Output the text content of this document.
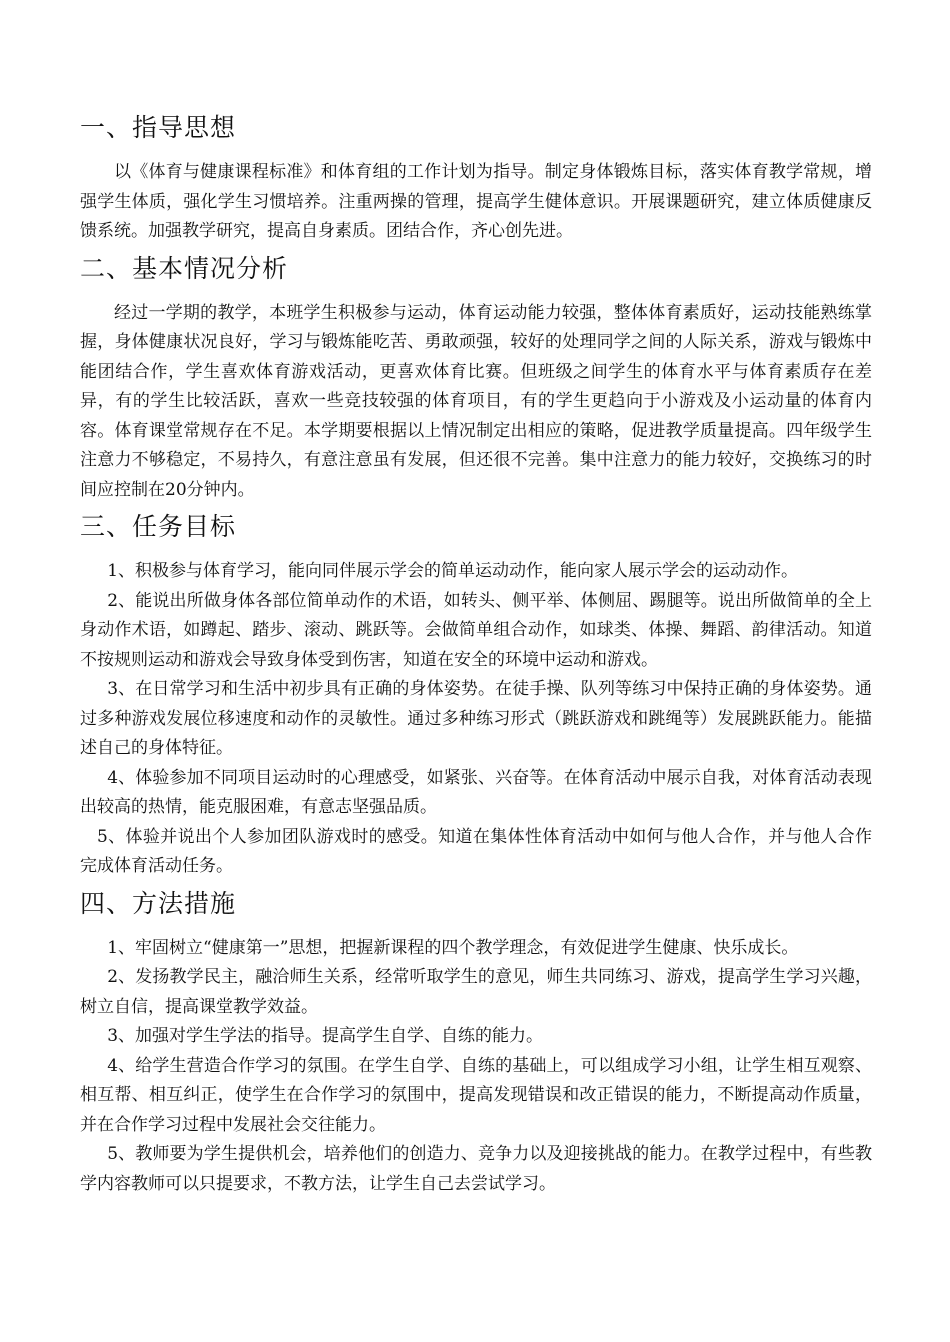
一、指导思想

以《体育与健康课程标准》和体育组的工作计划为指导。制定身体锻炼目标，落实体育教学常规，增强学生体质，强化学生习惯培养。注重两操的管理，提高学生健体意识。开展课题研究，建立体质健康反馈系统。加强教学研究，提高自身素质。团结合作，齐心创先进。

二、基本情况分析

经过一学期的教学，本班学生积极参与运动，体育运动能力较强，整体体育素质好，运动技能熟练掌握，身体健康状况良好，学习与锻炼能吃苦、勇敢顽强，较好的处理同学之间的人际关系，游戏与锻炼中能团结合作，学生喜欢体育游戏活动，更喜欢体育比赛。但班级之间学生的体育水平与体育素质存在差异，有的学生比较活跃，喜欢一些竞技较强的体育项目，有的学生更趋向于小游戏及小运动量的体育内容。体育课堂常规存在不足。本学期要根据以上情况制定出相应的策略，促进教学质量提高。四年级学生注意力不够稳定，不易持久，有意注意虽有发展，但还很不完善。集中注意力的能力较好，交换练习的时间应控制在20分钟内。

三、任务目标

1、积极参与体育学习，能向同伴展示学会的简单运动动作，能向家人展示学会的运动动作。

2、能说出所做身体各部位简单动作的术语，如转头、侧平举、体侧屈、踢腿等。说出所做简单的全上身动作术语，如蹲起、踏步、滚动、跳跃等。会做简单组合动作，如球类、体操、舞蹈、韵律活动。知道不按规则运动和游戏会导致身体受到伤害，知道在安全的环境中运动和游戏。

3、在日常学习和生活中初步具有正确的身体姿势。在徒手操、队列等练习中保持正确的身体姿势。通过多种游戏发展位移速度和动作的灵敏性。通过多种练习形式（跳跃游戏和跳绳等）发展跳跃能力。能描述自己的身体特征。

4、体验参加不同项目运动时的心理感受，如紧张、兴奋等。在体育活动中展示自我，对体育活动表现出较高的热情，能克服困难，有意志坚强品质。

5、体验并说出个人参加团队游戏时的感受。知道在集体性体育活动中如何与他人合作，并与他人合作完成体育活动任务。

四、方法措施

1、牢固树立“健康第一”思想，把握新课程的四个教学理念，有效促进学生健康、快乐成长。

2、发扬教学民主，融洽师生关系，经常听取学生的意见，师生共同练习、游戏，提高学生学习兴趣，树立自信，提高课堂教学效益。

3、加强对学生学法的指导。提高学生自学、自练的能力。

4、给学生营造合作学习的氛围。在学生自学、自练的基础上，可以组成学习小组，让学生相互观察、相互帮、相互纠正，使学生在合作学习的氛围中，提高发现错误和改正错误的能力，不断提高动作质量，并在合作学习过程中发展社会交往能力。

5、教师要为学生提供机会，培养他们的创造力、竞争力以及迎接挑战的能力。在教学过程中，有些教学内容教师可以只提要求，不教方法，让学生自己去尝试学习。
